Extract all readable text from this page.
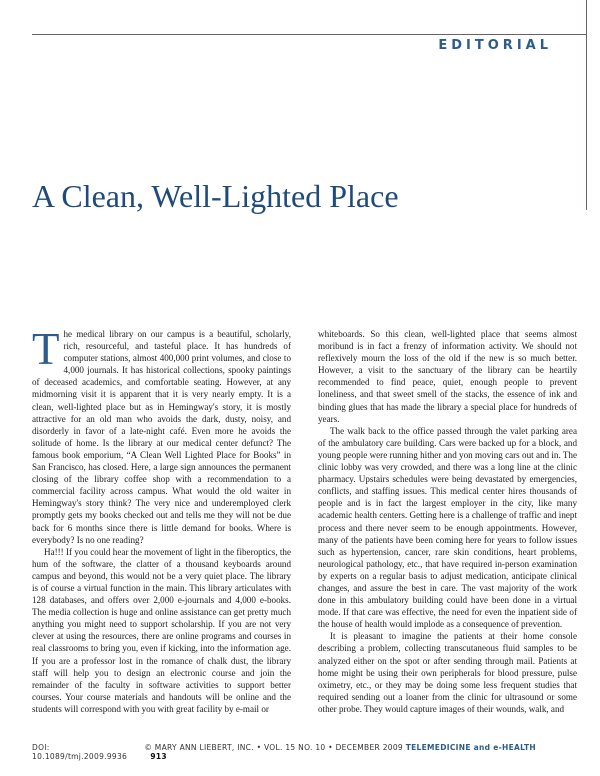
EDITORIAL
A Clean, Well-Lighted Place

The medical library on our campus is a beautiful, scholarly, rich, resourceful, and tasteful place. It has hundreds of computer stations, almost 400,000 print volumes, and close to 4,000 journals. It has historical collections, spooky paintings of deceased academics, and comfortable seating. However, at any midmorning visit it is apparent that it is very nearly empty. It is a clean, well-lighted place but as in Hemingway's story, it is mostly attractive for an old man who avoids the dark, dusty, noisy, and disorderly in favor of a late-night café. Even more he avoids the solitude of home. Is the library at our medical center defunct? The famous book emporium, “A Clean Well Lighted Place for Books” in San Francisco, has closed. Here, a large sign announces the permanent closing of the library coffee shop with a recommendation to a commercial facility across campus. What would the old waiter in Hemingway's story think? The very nice and underemployed clerk promptly gets my books checked out and tells me they will not be due back for 6 months since there is little demand for books. Where is everybody? Is no one reading?

Ha!!! If you could hear the movement of light in the fiberoptics, the hum of the software, the clatter of a thousand keyboards around campus and beyond, this would not be a very quiet place. The library is of course a virtual function in the main. This library articulates with 128 databases, and offers over 2,000 e-journals and 4,000 e-books. The media collection is huge and online assistance can get pretty much anything you might need to support scholarship. If you are not very clever at using the resources, there are online programs and courses in real classrooms to bring you, even if kicking, into the information age. If you are a professor lost in the romance of chalk dust, the library staff will help you to design an electronic course and join the remainder of the faculty in software activities to support better courses. Your course materials and handouts will be online and the students will correspond with you with great facility by e-mail or

whiteboards. So this clean, well-lighted place that seems almost moribund is in fact a frenzy of information activity. We should not reflexively mourn the loss of the old if the new is so much better. However, a visit to the sanctuary of the library can be heartily recommended to find peace, quiet, enough people to prevent loneliness, and that sweet smell of the stacks, the essence of ink and binding glues that has made the library a special place for hundreds of years.

The walk back to the office passed through the valet parking area of the ambulatory care building. Cars were backed up for a block, and young people were running hither and yon moving cars out and in. The clinic lobby was very crowded, and there was a long line at the clinic pharmacy. Upstairs schedules were being devastated by emergencies, conflicts, and staffing issues. This medical center hires thousands of people and is in fact the largest employer in the city, like many academic health centers. Getting here is a challenge of traffic and inept process and there never seem to be enough appointments. However, many of the patients have been coming here for years to follow issues such as hypertension, cancer, rare skin conditions, heart problems, neurological pathology, etc., that have required in-person examination by experts on a regular basis to adjust medication, anticipate clinical changes, and assure the best in care. The vast majority of the work done in this ambulatory building could have been done in a virtual mode. If that care was effective, the need for even the inpatient side of the house of health would implode as a consequence of prevention.

It is pleasant to imagine the patients at their home console describing a problem, collecting transcutaneous fluid samples to be analyzed either on the spot or after sending through mail. Patients at home might be using their own peripherals for blood pressure, pulse oximetry, etc., or they may be doing some less frequent studies that required sending out a loaner from the clinic for ultrasound or some other probe. They would capture images of their wounds, walk, and

DOI: 10.1089/tmj.2009.9936
© MARY ANN LIEBERT, INC. • VOL. 15 NO. 10 • DECEMBER 2009 TELEMEDICINE and e-HEALTH 913
